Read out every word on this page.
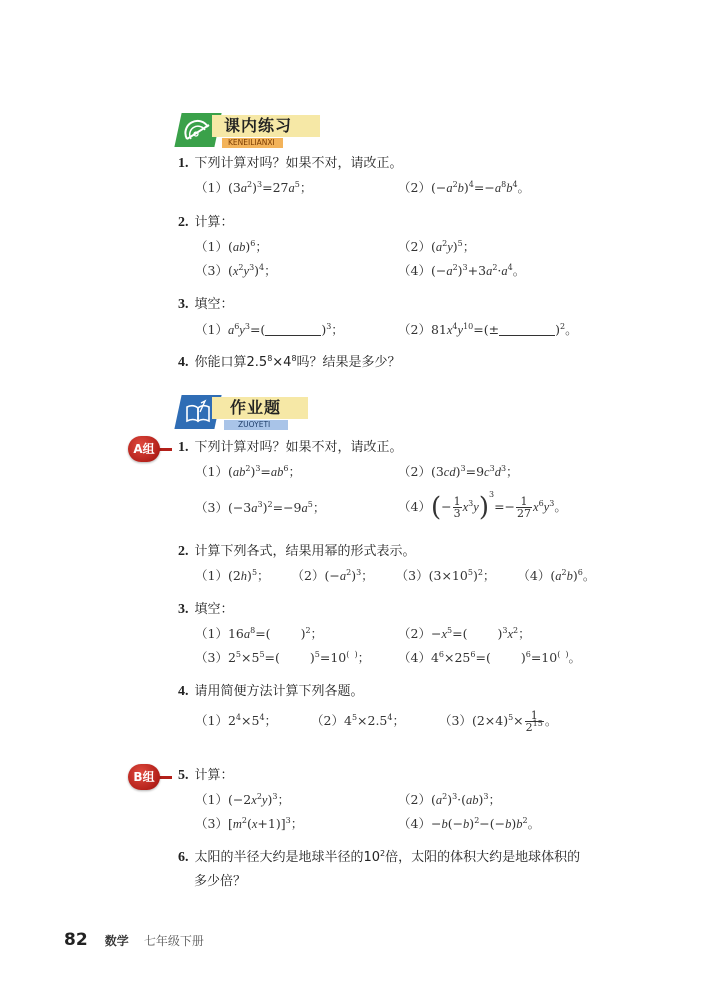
课内练习
KENEILIANXI
1. 下列计算对吗？如果不对，请改正。
$(1)(3a^2)^3=27a^5$；	$(2)(-a^2b)^4=-a^8b^4$。
2. 计算：
（1）(ab)$^6$；	$(2)(a^2y)^5$；
$(3)(x^2y^3)^4$；	$(4)(-a^2)^3+3a^2\cdot a^4$。
3. 填空：
$(1)a^6y^3=$(	)$^3$；	$(2)81x^4y^{10}=(\pm$	)$^2$。
4. 你能口算$2.5^8\times 4^8$吗？结果是多少？
作业题
ZUOYETI
A组	1. 下列计算对吗？如果不对，请改正。
$(1)(ab^2)^3=ab^6$；	$(2)(3cd)^3=9c^3d^3$；
$(3)(-3a^3)^2=-9a^5$；	$(4)(- \frac{1}{3} x^3y)^3=- \frac{1}{27} x^6y^3$。
2. 计算下列各式，结果用幂的形式表示。
$(1)(2h)^5$； $(2)(-a^2)^3$； $(3)(3\times 10^5)^2$； $(4)(a^2b)^6$。
3. 填空：
$(1)16a^8=$( )$^2$；	$(2)-x^5=$( )$^3x^2$；
$(3)2^5\times 5^5=$( )$^5$=10(  )； $(4)4^6\times 25^6=$( )$^6$=10(  )。
4. 请用简便方法计算下列各题。
$(1)2^4\times 5^4$；	$(2)4^5\times 2.5^4$；	$(3)(2\times 4)^5\times \frac{1}{2^{15}}$ 。
B组	5. 计算：
$(1)(-2x^2y)^3$；	$(2)(a^2)^3\cdot(ab)^3$；
$(3)[m^2(x+1)]^3$；	$(4)-b(-b)^2-(-b)b^2$。
6. 太阳的半径大约是地球半径的$10^2$倍，太阳的体积大约是地球体积的
多少倍？
82 数学 七年级下册
